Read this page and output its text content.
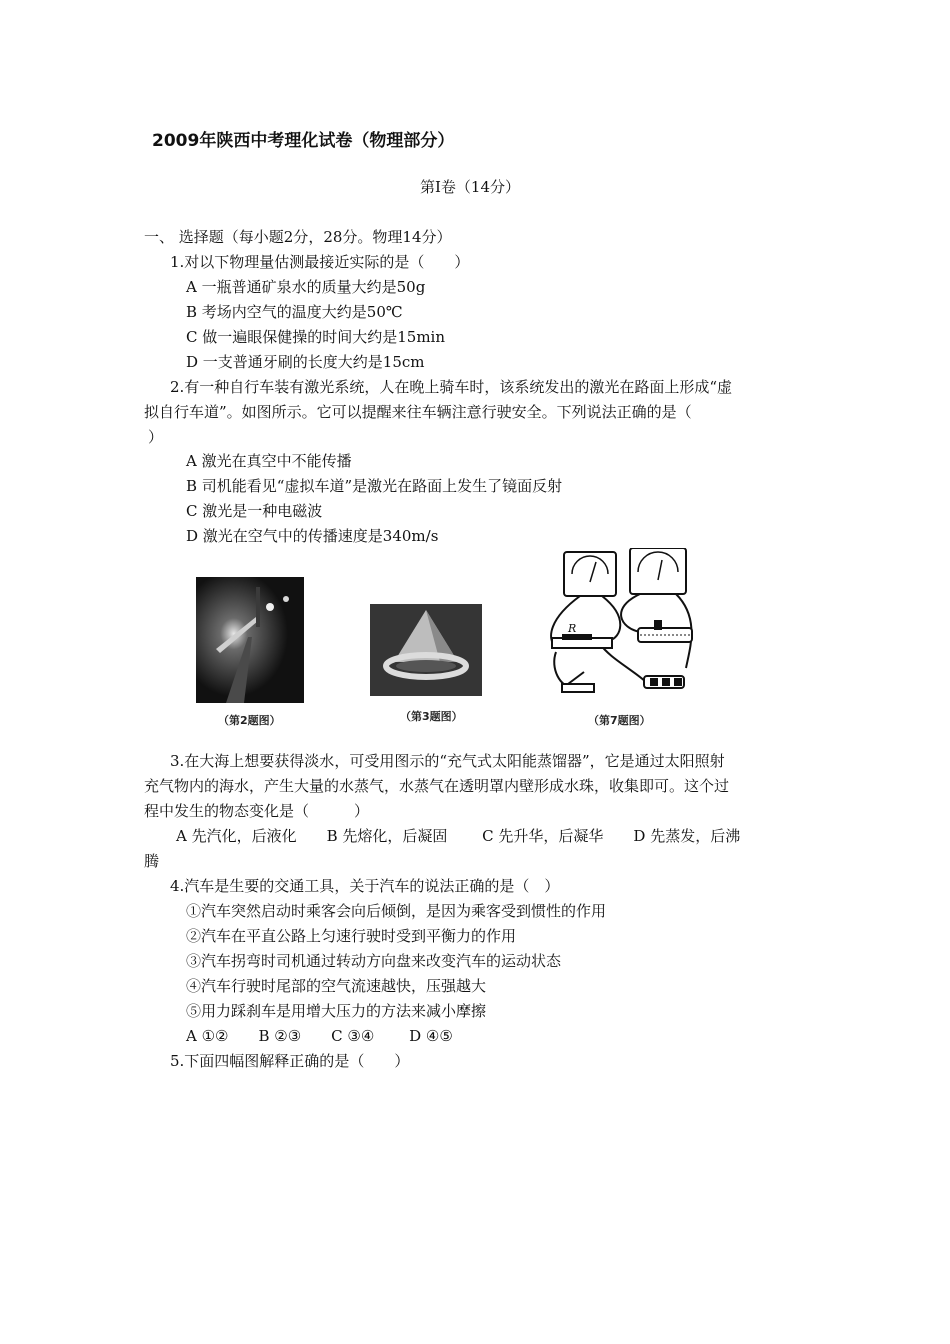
2009年陕西中考理化试卷（物理部分）
第Ⅰ卷（14分）
一、 选择题（每小题2分，28分。物理14分）
1.对以下物理量估测最接近实际的是（　　）
A 一瓶普通矿泉水的质量大约是50g
B 考场内空气的温度大约是50℃
C 做一遍眼保健操的时间大约是15min
D 一支普通牙刷的长度大约是15cm
2.有一种自行车装有激光系统，人在晚上骑车时，该系统发出的激光在路面上形成“虚
拟自行车道”。如图所示。它可以提醒来往车辆注意行驶安全。下列说法正确的是（
）
A 激光在真空中不能传播
B 司机能看见“虚拟车道”是激光在路面上发生了镜面反射
C 激光是一种电磁波
D 激光在空气中的传播速度是340m/s
（第2题图）	（第3题图）
R
（第7题图）
3.在大海上想要获得淡水，可受用图示的“充气式太阳能蒸馏器”，它是通过太阳照射
充气物内的海水，产生大量的水蒸气，水蒸气在透明罩内壁形成水珠，收集即可。这个过
程中发生的物态变化是（　　　）
A 先汽化，后液化　　B 先熔化，后凝固　　 C 先升华，后凝华　　D 先蒸发，后沸
腾
4.汽车是生要的交通工具，关于汽车的说法正确的是（　）
①汽车突然启动时乘客会向后倾倒，是因为乘客受到惯性的作用
②汽车在平直公路上匀速行驶时受到平衡力的作用
③汽车拐弯时司机通过转动方向盘来改变汽车的运动状态
④汽车行驶时尾部的空气流速越快，压强越大
⑤用力踩刹车是用增大压力的方法来减小摩擦
A ①②　　B ②③　　C ③④　　 D ④⑤
5.下面四幅图解释正确的是（　　）
